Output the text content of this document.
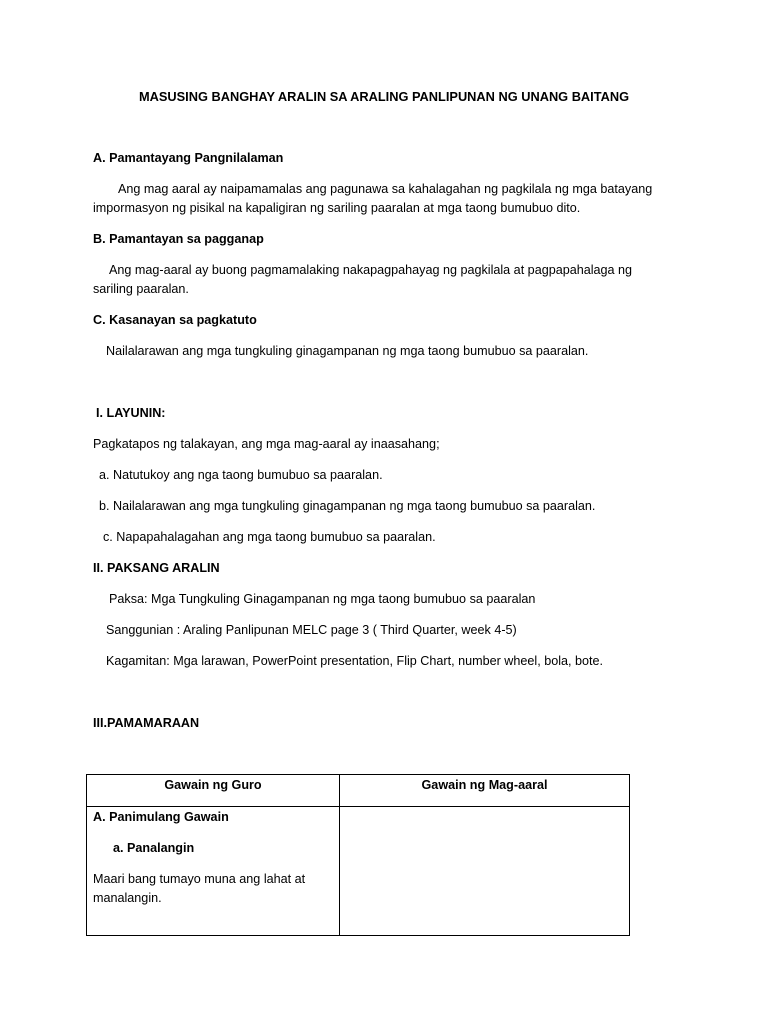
MASUSING BANGHAY ARALIN SA ARALING PANLIPUNAN NG UNANG BAITANG

A. Pamantayang Pangnilalaman

Ang mag aaral ay naipamamalas ang pagunawa sa kahalagahan ng pagkilala ng mga batayang

impormasyon ng pisikal na kapaligiran ng sariling paaralan at mga taong bumubuo dito.

B. Pamantayan sa pagganap

Ang mag-aaral ay buong pagmamalaking nakapagpahayag ng pagkilala at pagpapahalaga ng

sariling paaralan.

C. Kasanayan sa pagkatuto

Nailalarawan ang mga tungkuling ginagampanan ng mga taong bumubuo sa paaralan.

I. LAYUNIN:

Pagkatapos ng talakayan, ang mga mag-aaral ay inaasahang;

a. Natutukoy ang nga taong bumubuo sa paaralan.

b. Nailalarawan ang mga tungkuling ginagampanan ng mga taong bumubuo sa paaralan.

c. Napapahalagahan ang mga taong bumubuo sa paaralan.

II. PAKSANG ARALIN

Paksa: Mga Tungkuling Ginagampanan ng mga taong bumubuo sa paaralan

Sanggunian : Araling Panlipunan MELC page 3 ( Third Quarter, week 4-5)

Kagamitan: Mga larawan, PowerPoint presentation, Flip Chart, number wheel, bola, bote.

III.PAMAMARAAN

Gawain ng Guro	Gawain ng Mag-aaral

A. Panimulang Gawain
a. Panalangin
Maari bang tumayo muna ang lahat at
manalangin.	
